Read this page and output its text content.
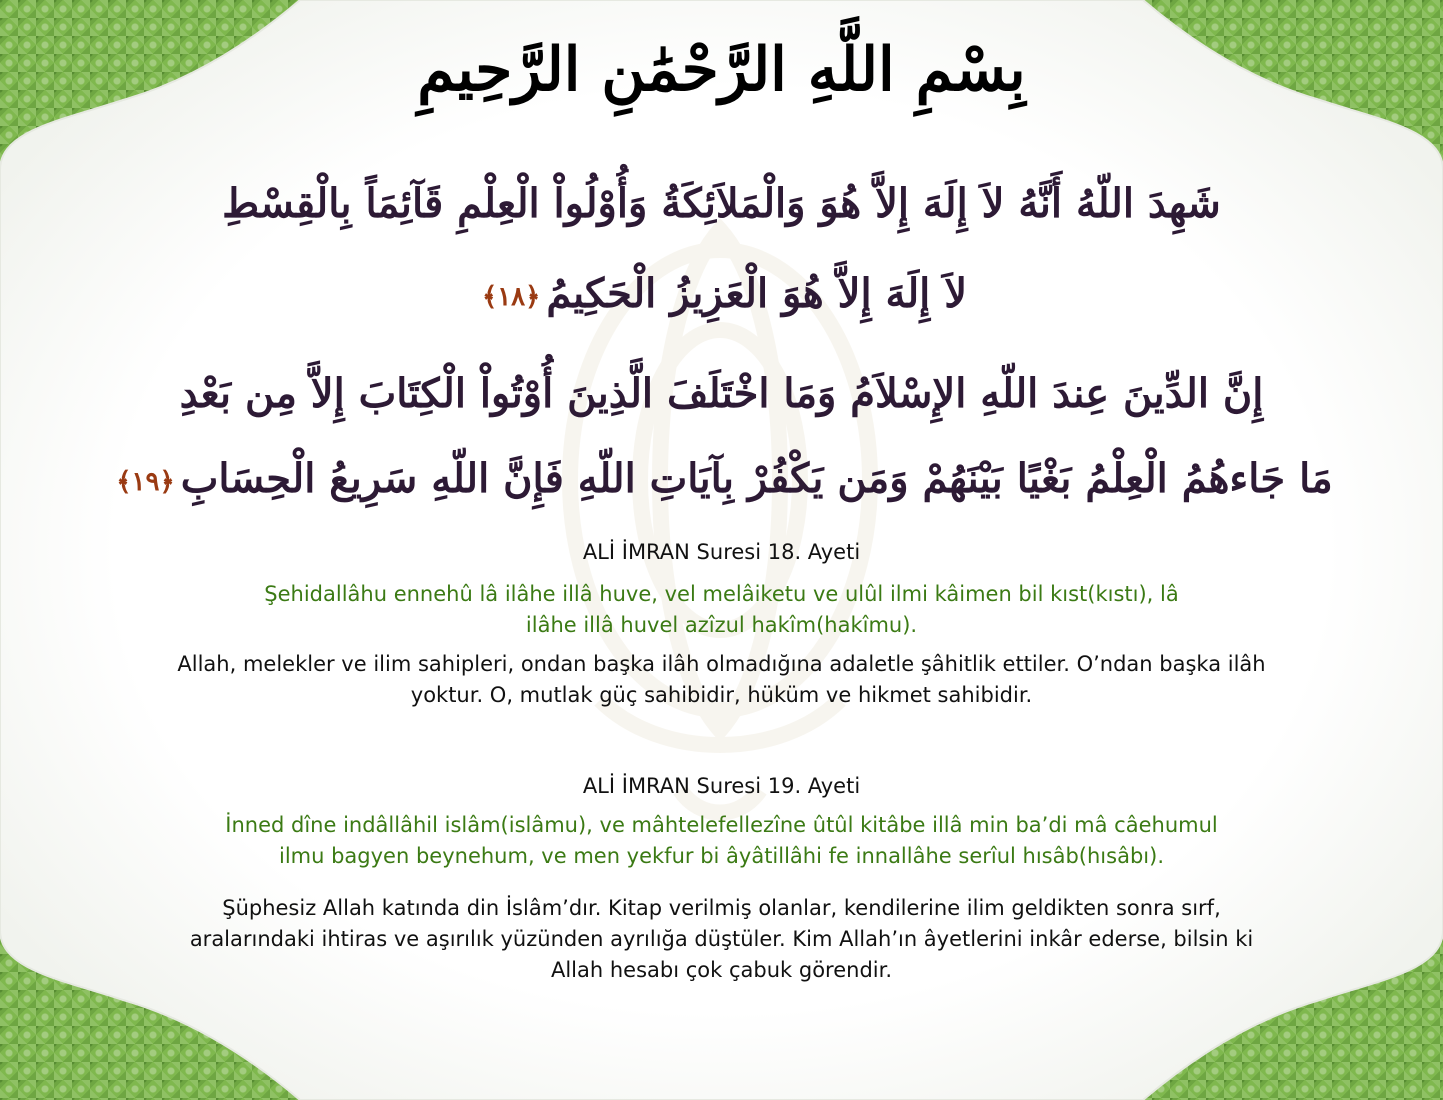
بِسْمِ اللَّهِ الرَّحْمَٰنِ الرَّحِيمِ
شَهِدَ اللّهُ أَنَّهُ لاَ إِلَهَ إِلاَّ هُوَ وَالْمَلاَئِكَةُ وَأُوْلُواْ الْعِلْمِ قَآئِمَاً بِالْقِسْطِ
لاَ إِلَهَ إِلاَّ هُوَ الْعَزِيزُ الْحَكِيمُ﴿١٨﴾
إِنَّ الدِّينَ عِندَ اللّهِ الإِسْلاَمُ وَمَا اخْتَلَفَ الَّذِينَ أُوْتُواْ الْكِتَابَ إِلاَّ مِن بَعْدِ
مَا جَاءهُمُ الْعِلْمُ بَغْيًا بَيْنَهُمْ وَمَن يَكْفُرْ بِآيَاتِ اللّهِ فَإِنَّ اللّهِ سَرِيعُ الْحِسَابِ﴿١٩﴾
ALİ İMRAN Suresi 18. Ayeti
Şehidallâhu ennehû lâ ilâhe illâ huve, vel melâiketu ve ulûl ilmi kâimen bil kıst(kıstı), lâ
ilâhe illâ huvel azîzul hakîm(hakîmu).
Allah, melekler ve ilim sahipleri, ondan başka ilâh olmadığına adaletle şâhitlik ettiler. O’ndan başka ilâh
yoktur. O, mutlak güç sahibidir, hüküm ve hikmet sahibidir.
ALİ İMRAN Suresi 19. Ayeti
İnned dîne indâllâhil islâm(islâmu), ve mâhtelefellezîne ûtûl kitâbe illâ min ba’di mâ câehumul
ilmu bagyen beynehum, ve men yekfur bi âyâtillâhi fe innallâhe serîul hısâb(hısâbı).
Şüphesiz Allah katında din İslâm’dır. Kitap verilmiş olanlar, kendilerine ilim geldikten sonra sırf,
aralarındaki ihtiras ve aşırılık yüzünden ayrılığa düştüler. Kim Allah’ın âyetlerini inkâr ederse, bilsin ki
Allah hesabı çok çabuk görendir.
